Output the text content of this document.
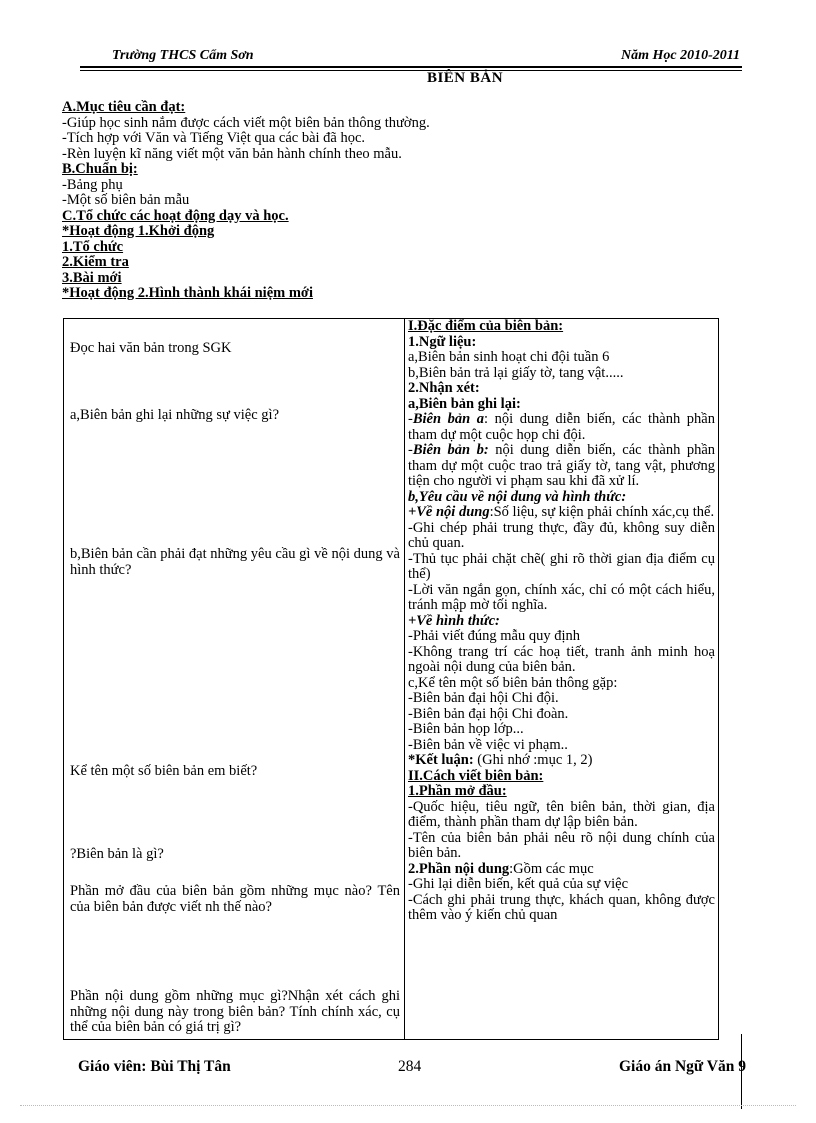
Trường THCS Cẩm Sơn	Năm Học 2010-2011
BIÊN BẢN
A.Mục tiêu cần đạt:
-Giúp học sinh nắm được cách viết một biên bản thông thường.
-Tích hợp với Văn và Tiếng Việt qua các bài đã học.
-Rèn luyện kĩ năng viết một văn bản hành chính theo mẫu.
B.Chuẩn bị:
-Bảng phụ
-Một số biên bản mẫu
C.Tổ chức các hoạt động dạy và học.
*Hoạt động 1.Khởi động
1.Tổ chức
2.Kiểm tra
3.Bài mới
*Hoạt động 2.Hình thành khái niệm mới
Đọc hai văn bản trong SGK
a,Biên bản ghi lại những sự việc gì?
b,Biên bản cần phải đạt những yêu cầu gì về nội dung và hình thức?
Kể tên một số biên bản em biết?
?Biên bản là gì?
Phần mở đầu của biên bản gồm những mục nào? Tên của biên bản được viết nh thế nào?
Phần nội dung gồm những mục gì?Nhận xét cách ghi những nội dung này trong biên bản? Tính chính xác, cụ thể của biên bản có giá trị gì?

I.Đặc điểm của biên bản:
1.Ngữ liệu:
a,Biên bản sinh hoạt chi đội tuần 6
b,Biên bản trả lại giấy tờ, tang vật.....
2.Nhận xét:
a,Biên bản ghi lại:
-Biên bản a: nội dung diễn biến, các thành phần tham dự một cuộc họp chi đội.
-Biên bản b: nội dung diễn biến, các thành phần tham dự một cuộc trao trả giấy tờ, tang vật, phương tiện cho người vi phạm sau khi đã xử lí.
b,Yêu cầu về nội dung và hình thức:
+Về nội dung:Số liệu, sự kiện phải chính xác,cụ thể.
-Ghi chép phải trung thực, đầy đủ, không suy diễn chủ quan.
-Thủ tục phải chặt chẽ( ghi rõ thời gian địa điểm cụ thể)
-Lời văn ngắn gọn, chính xác, chỉ có một cách hiểu, tránh mập mờ tối nghĩa.
+Về hình thức:
-Phải viết đúng mẫu quy định
-Không trang trí các hoạ tiết, tranh ảnh minh hoạ ngoài nội dung của biên bản.
c,Kể tên một số biên bản thông gặp:
-Biên bản đại hội Chi đội.
-Biên bản đại hội Chi đoàn.
-Biên bản họp lớp...
-Biên bản về việc vi phạm..
*Kết luận: (Ghi nhớ :mục 1, 2)
II.Cách viết biên bản:
1.Phần mở đầu:
-Quốc hiệu, tiêu ngữ, tên biên bản, thời gian, địa điểm, thành phần tham dự lập biên bản.
-Tên của biên bản phải nêu rõ nội dung chính của biên bản.
2.Phần nội dung:Gồm các mục
-Ghi lại diễn biến, kết quả của sự việc
-Cách ghi phải trung thực, khách quan, không được thêm vào ý kiến chủ quan
Giáo viên: Bùi Thị Tân	284	Giáo án Ngữ Văn 9
